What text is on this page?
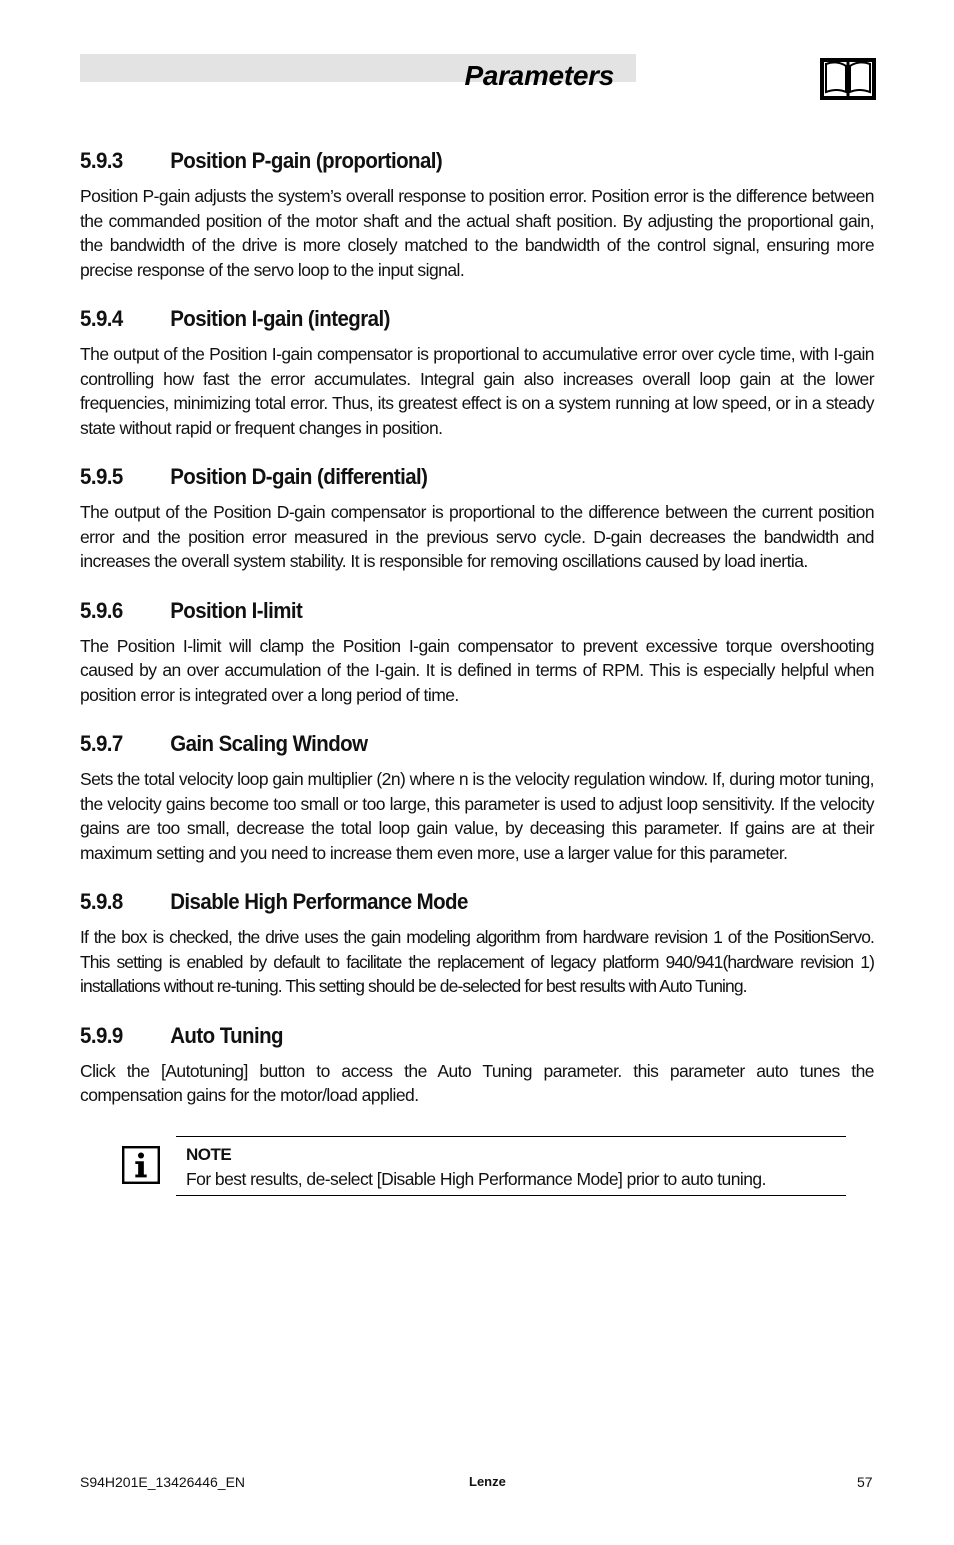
Parameters
5.9.3	Position P-gain (proportional)

Position P-gain adjusts the system’s overall response to position error. Position error is the difference between the commanded position of the motor shaft and the actual shaft position. By adjusting the proportional gain, the bandwidth of the drive is more closely matched to the bandwidth of the control signal, ensuring more precise response of the servo loop to the input signal.

5.9.4	Position I-gain (integral)

The output of the Position I-gain compensator is proportional to accumulative error over cycle time, with I-gain controlling how fast the error accumulates. Integral gain also increases overall loop gain at the lower frequencies, minimizing total error. Thus, its greatest effect is on a system running at low speed, or in a steady state without rapid or frequent changes in position.

5.9.5	Position D-gain (differential)

The output of the Position D-gain compensator is proportional to the difference between the current position error and the position error measured in the previous servo cycle. D-gain decreases the bandwidth and increases the overall system stability. It is responsible for removing oscillations caused by load inertia.

5.9.6	Position I-limit

The Position I-limit will clamp the Position I-gain compensator to prevent excessive torque overshooting caused by an over accumulation of the I-gain. It is defined in terms of RPM. This is especially helpful when position error is integrated over a long period of time.

5.9.7	Gain Scaling Window

Sets the total velocity loop gain multiplier (2n) where n is the velocity regulation window. If, during motor tuning, the velocity gains become too small or too large, this parameter is used to adjust loop sensitivity. If the velocity gains are too small, decrease the total loop gain value, by deceasing this parameter. If gains are at their maximum setting and you need to increase them even more, use a larger value for this parameter.

5.9.8	Disable High Performance Mode

If the box is checked, the drive uses the gain modeling algorithm from hardware revision 1 of the PositionServo. This setting is enabled by default to facilitate the replacement of legacy platform 940/941(hardware revision 1) installations without re-tuning. This setting should be de-selected for best results with Auto Tuning.

5.9.9	Auto Tuning

Click the [Autotuning] button to access the Auto Tuning parameter. this parameter auto tunes the compensation gains for the motor/load applied.

NOTE
For best results, de-select [Disable High Performance Mode] prior to auto tuning.
S94H201E_13426446_EN	Lenze	57
